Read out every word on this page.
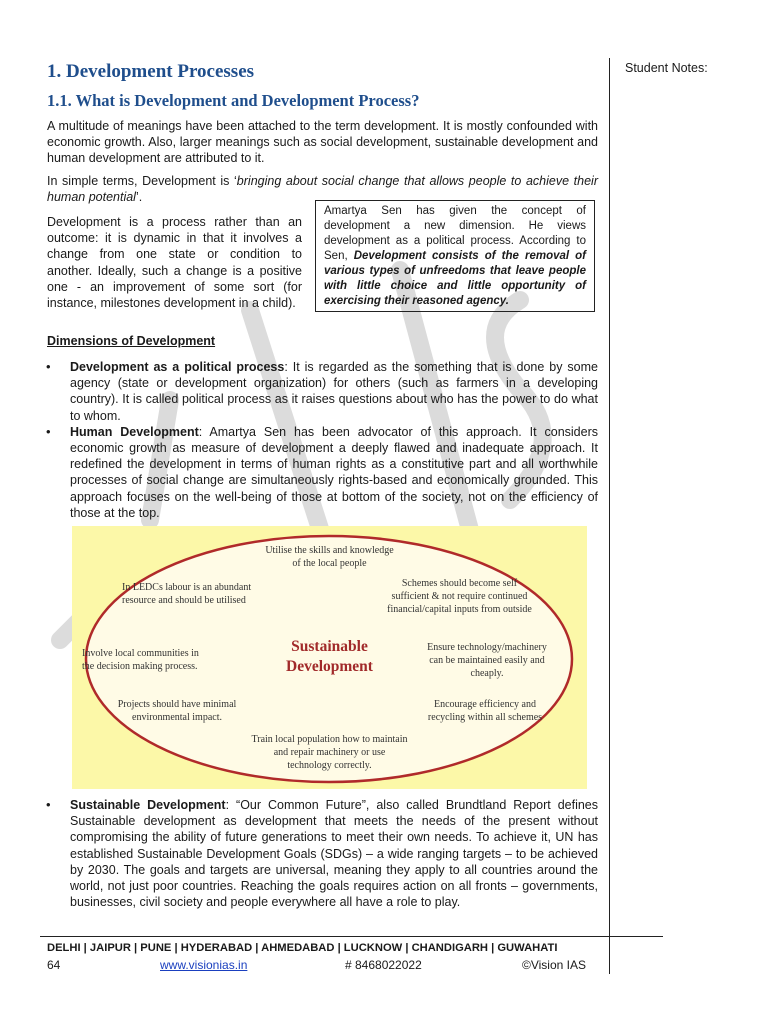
Student Notes:
1. Development Processes
1.1. What is Development and Development Process?

A multitude of meanings have been attached to the term development. It is mostly confounded with economic growth. Also, larger meanings such as social development, sustainable development and human development are attributed to it.

In simple terms, Development is ‘bringing about social change that allows people to achieve their human potential’.

Development is a process rather than an outcome: it is dynamic in that it involves a change from one state or condition to another. Ideally, such a change is a positive one - an improvement of some sort (for instance, milestones development in a child).

Amartya Sen has given the concept of development a new dimension. He views development as a political process. According to Sen, Development consists of the removal of various types of unfreedoms that leave people with little choice and little opportunity of exercising their reasoned agency.
Dimensions of Development
• Development as a political process: It is regarded as the something that is done by some agency (state or development organization) for others (such as farmers in a developing country). It is called political process as it raises questions about who has the power to do what to whom.
• Human Development: Amartya Sen has been advocator of this approach. It considers economic growth as measure of development a deeply flawed and inadequate approach. It redefined the development in terms of human rights as a constitutive part and all worthwhile processes of social change are simultaneously rights-based and economically grounded. This approach focuses on the well-being of those at bottom of the society, not on the efficiency of those at the top.
Sustainable
Development
Utilise the skills and knowledge
of the local people
In LEDCs labour is an abundant
resource and should be utilised
Schemes should become self
sufficient & not require continued
financial/capital inputs from outside
Involve local communities in
the decision making process.
Ensure technology/machinery
can be maintained easily and
cheaply.
Projects should have minimal
environmental impact.
Encourage efficiency and
recycling within all schemes
Train local population how to maintain
and repair machinery or use
technology correctly.
• Sustainable Development: “Our Common Future”, also called Brundtland Report defines Sustainable development as development that meets the needs of the present without compromising the ability of future generations to meet their own needs. To achieve it, UN has established Sustainable Development Goals (SDGs) – a wide ranging targets – to be achieved by 2030. The goals and targets are universal, meaning they apply to all countries around the world, not just poor countries. Reaching the goals requires action on all fronts – governments, businesses, civil society and people everywhere all have a role to play.
DELHI | JAIPUR | PUNE | HYDERABAD | AHMEDABAD | LUCKNOW | CHANDIGARH | GUWAHATI
64	www.visionias.in	# 8468022022	©Vision IAS
